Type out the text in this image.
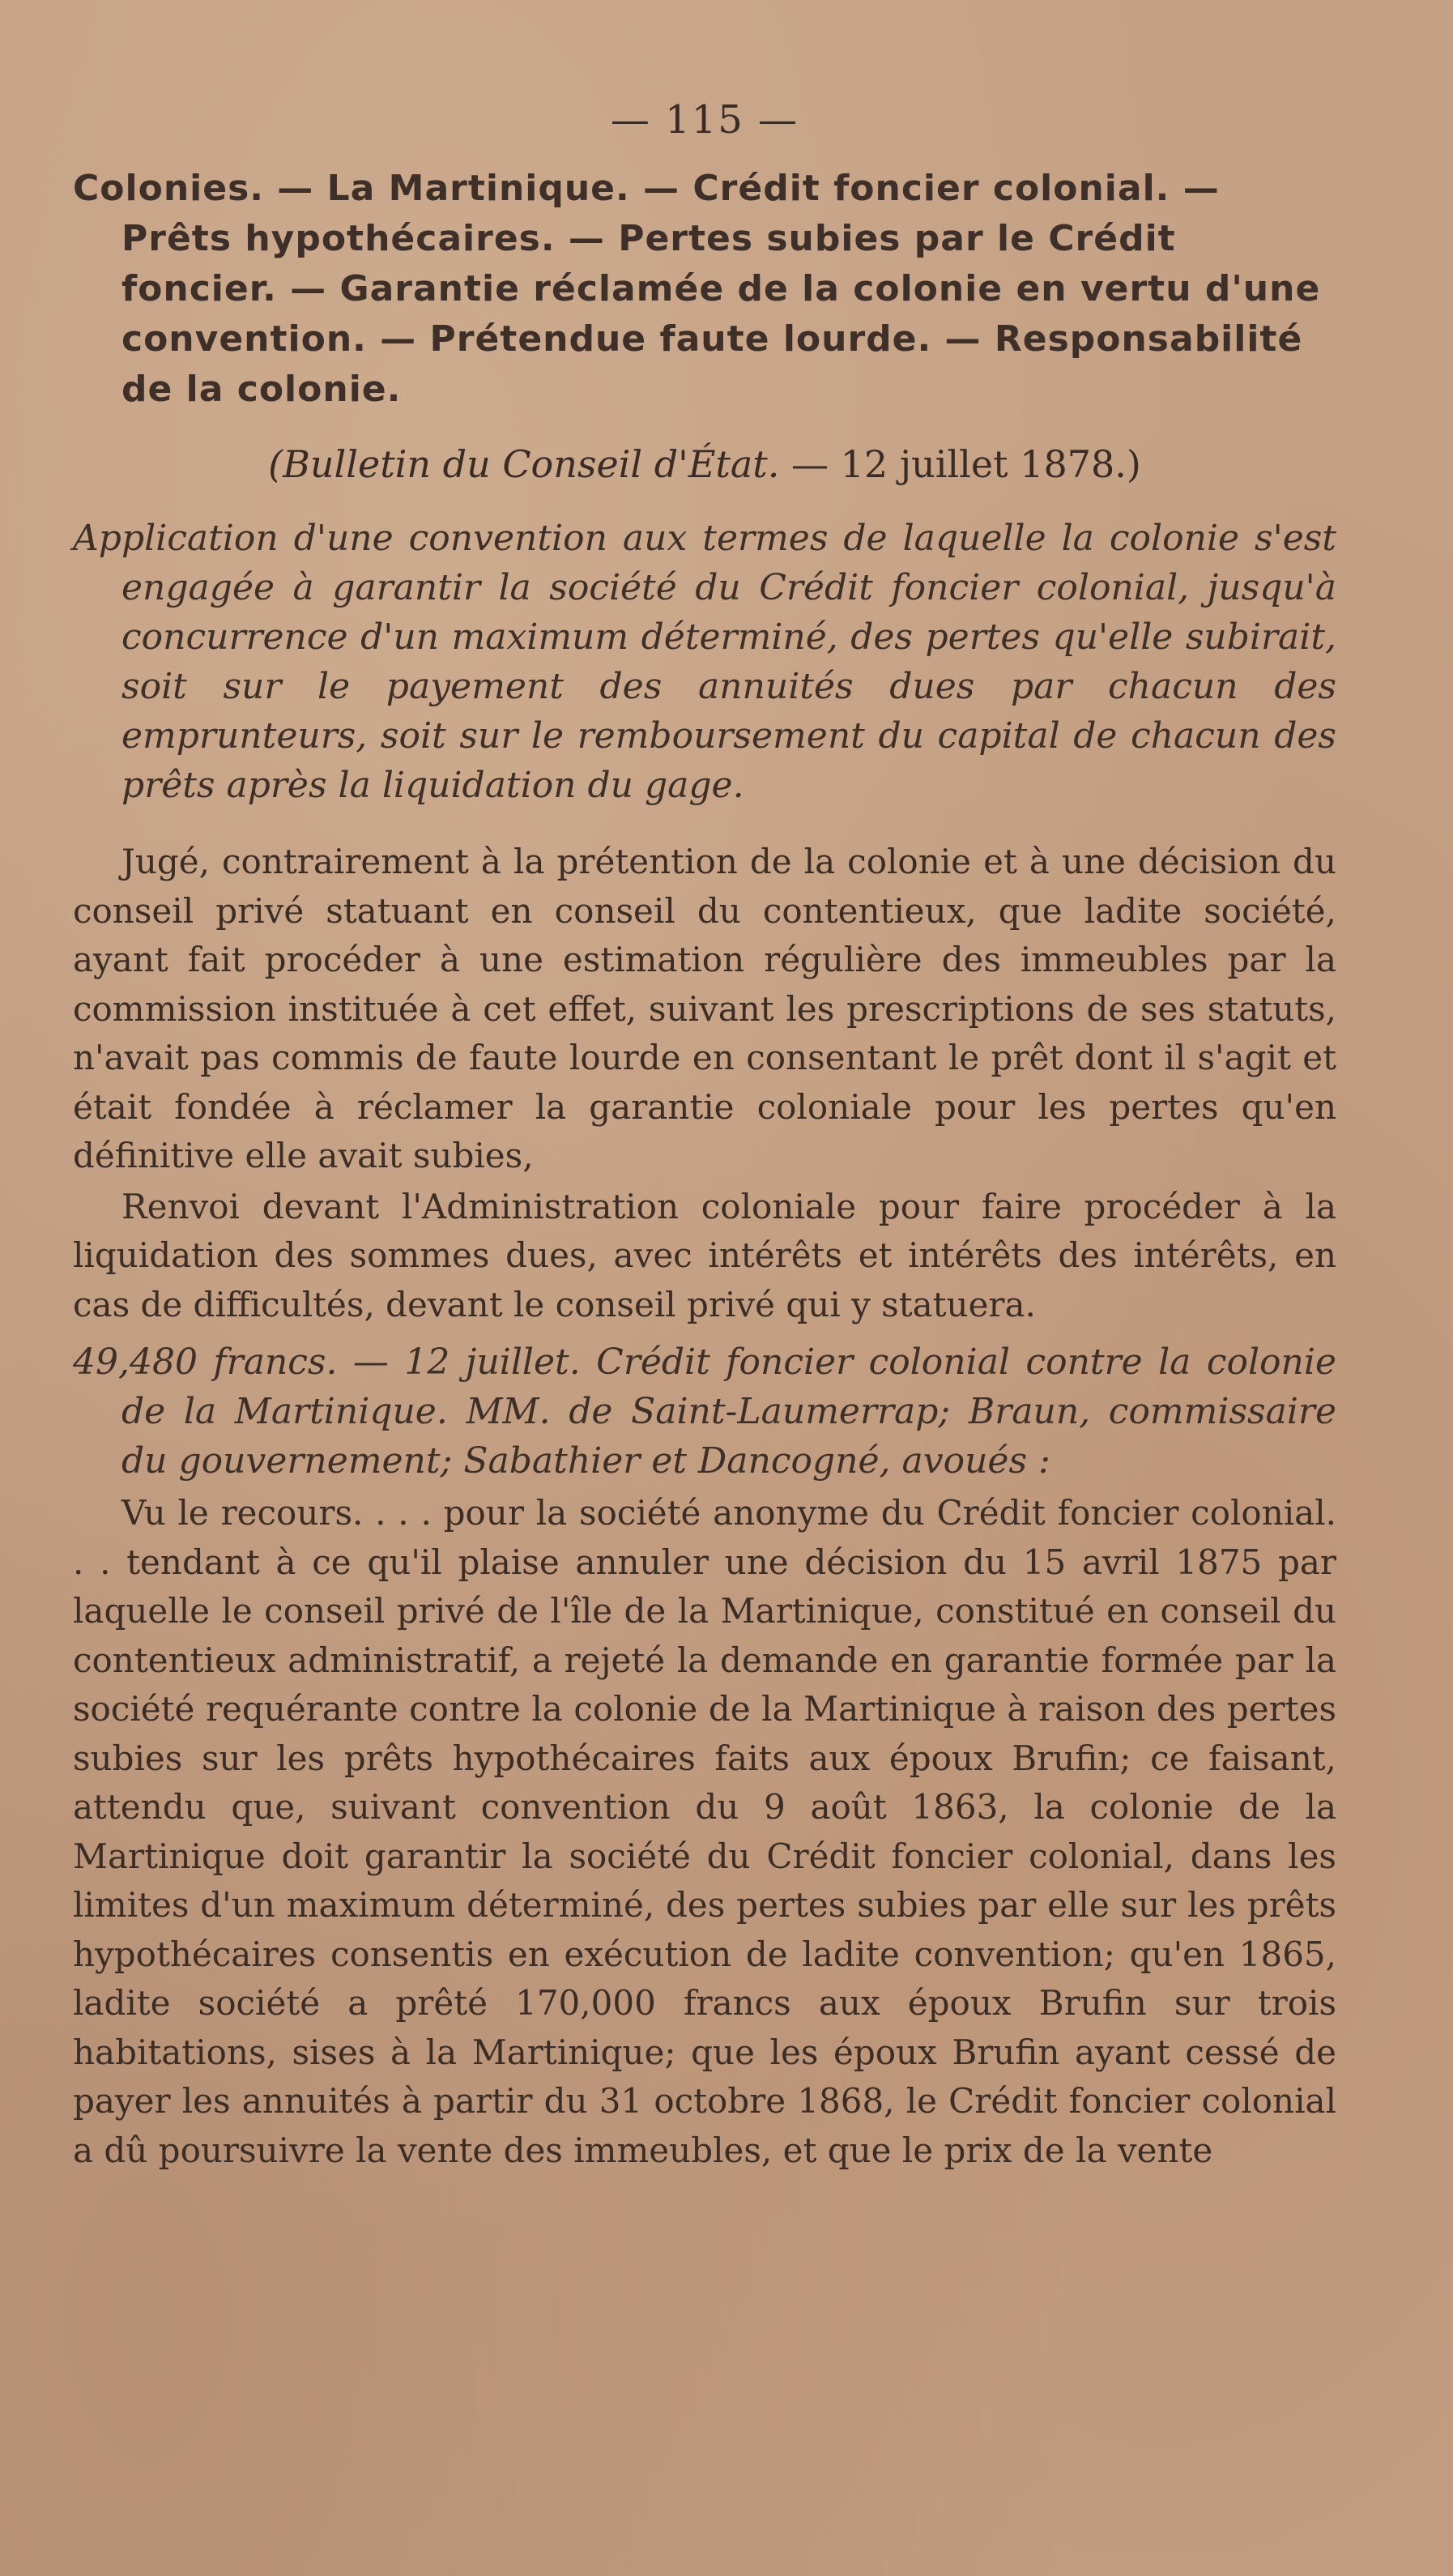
— 115 —

Colonies. — La Martinique. — Crédit foncier colonial. — Prêts hypothécaires. — Pertes subies par le Crédit foncier. — Garantie réclamée de la colonie en vertu d'une convention. — Prétendue faute lourde. — Responsabilité de la colonie.

(Bulletin du Conseil d'État. — 12 juillet 1878.)

Application d'une convention aux termes de laquelle la colonie s'est engagée à garantir la société du Crédit foncier colonial, jusqu'à concurrence d'un maximum déterminé, des pertes qu'elle subirait, soit sur le payement des annuités dues par chacun des emprunteurs, soit sur le remboursement du capital de chacun des prêts après la liquidation du gage.

Jugé, contrairement à la prétention de la colonie et à une décision du conseil privé statuant en conseil du contentieux, que ladite société, ayant fait procéder à une estimation régulière des immeubles par la commission instituée à cet effet, suivant les prescriptions de ses statuts, n'avait pas commis de faute lourde en consentant le prêt dont il s'agit et était fondée à réclamer la garantie coloniale pour les pertes qu'en définitive elle avait subies,

Renvoi devant l'Administration coloniale pour faire procéder à la liquidation des sommes dues, avec intérêts et intérêts des intérêts, en cas de difficultés, devant le conseil privé qui y statuera.

49,480 francs. — 12 juillet. Crédit foncier colonial contre la colonie de la Martinique. MM. de Saint-Laumerrap; Braun, commissaire du gouvernement; Sabathier et Dancogné, avoués :

Vu le recours. . . . pour la société anonyme du Crédit foncier colonial. . . tendant à ce qu'il plaise annuler une décision du 15 avril 1875 par laquelle le conseil privé de l'île de la Martinique, constitué en conseil du contentieux administratif, a rejeté la demande en garantie formée par la société requérante contre la colonie de la Martinique à raison des pertes subies sur les prêts hypothécaires faits aux époux Brufin; ce faisant, attendu que, suivant convention du 9 août 1863, la colonie de la Martinique doit garantir la société du Crédit foncier colonial, dans les limites d'un maximum déterminé, des pertes subies par elle sur les prêts hypothécaires consentis en exécution de ladite convention; qu'en 1865, ladite société a prêté 170,000 francs aux époux Brufin sur trois habitations, sises à la Martinique; que les époux Brufin ayant cessé de payer les annuités à partir du 31 octobre 1868, le Crédit foncier colonial a dû poursuivre la vente des immeubles, et que le prix de la vente
